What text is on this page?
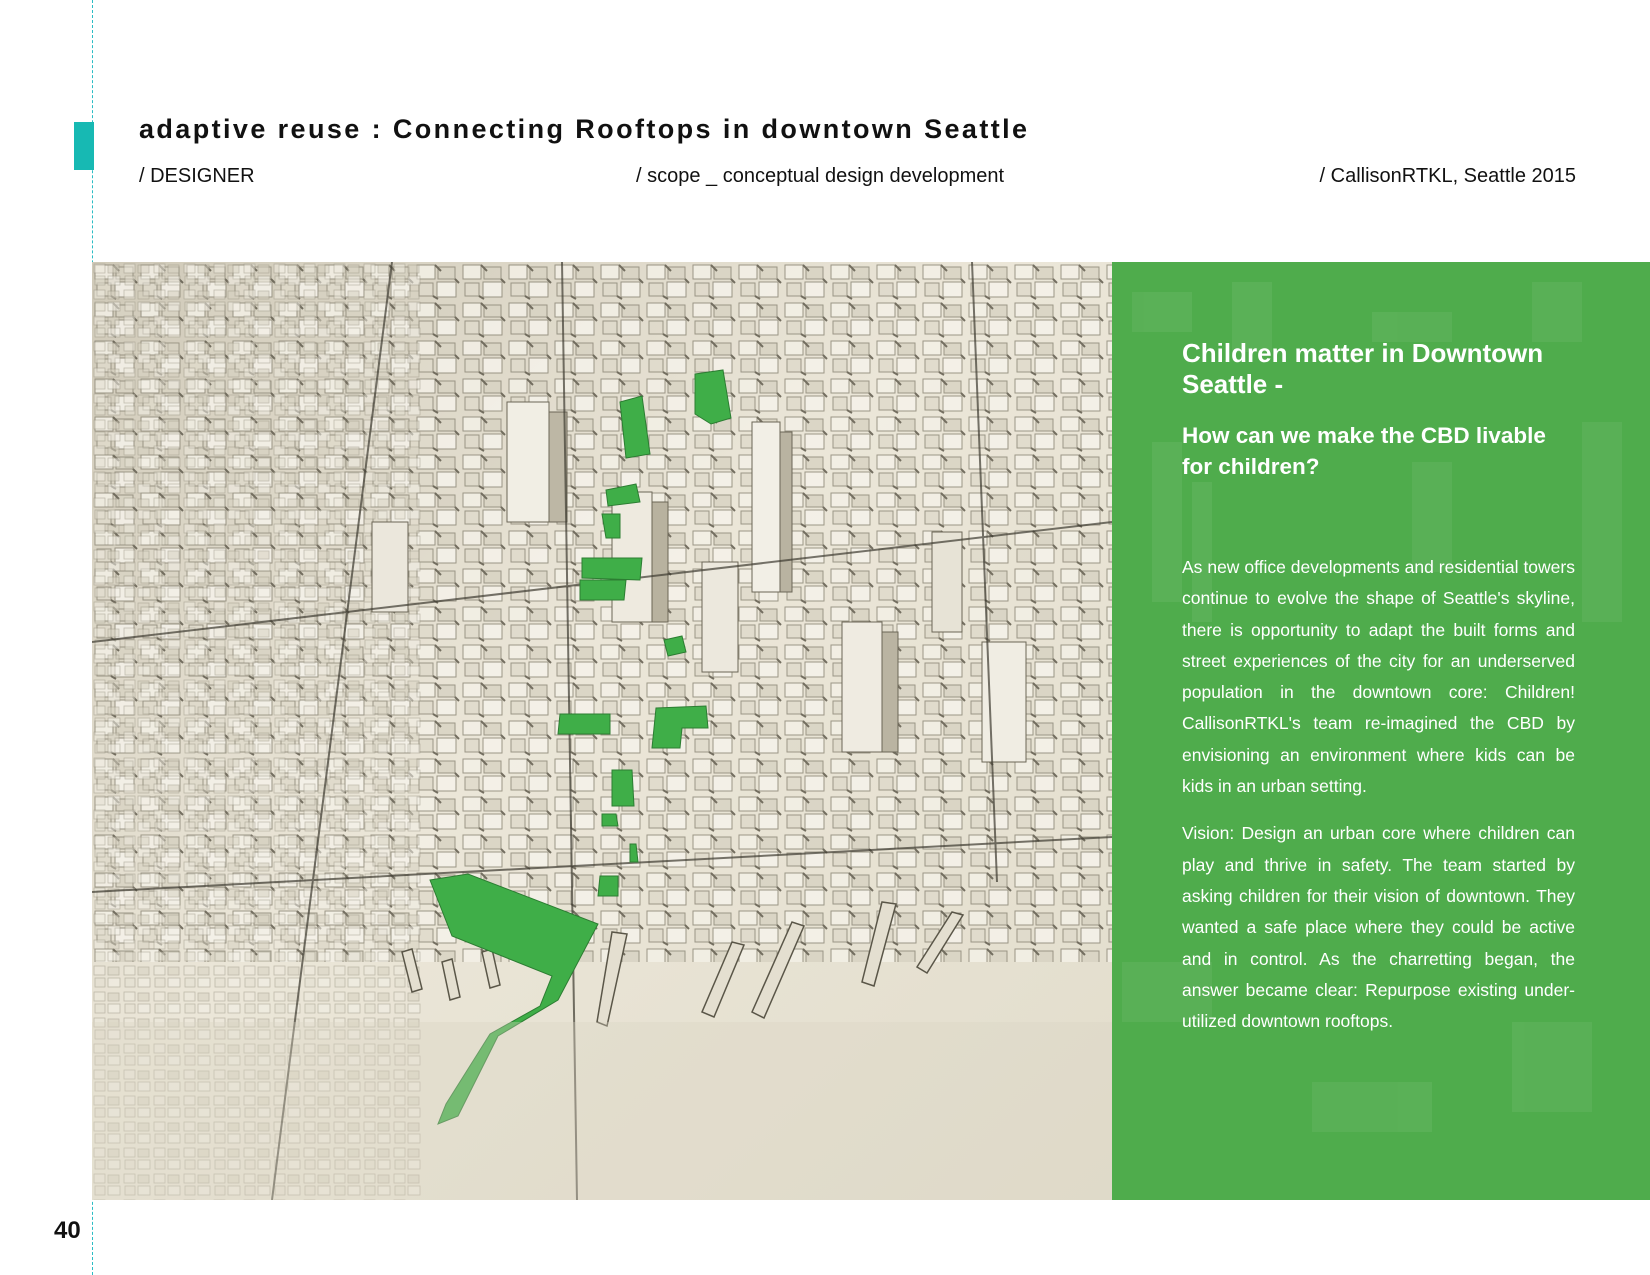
adaptive reuse : Connecting Rooftops in downtown Seattle
/ DESIGNER	/ scope _ conceptual design development	/ CallisonRTKL, Seattle 2015
Children matter in Downtown Seattle -
How can we make the CBD livable for children?

As new office developments and residential towers continue to evolve the shape of Seattle's skyline, there is opportunity to adapt the built forms and street experiences of the city for an underserved population in the downtown core: Children! CallisonRTKL's team re-imagined the CBD by envisioning an environment where kids can be kids in an urban setting.

Vision: Design an urban core where children can play and thrive in safety. The team started by asking children for their vision of downtown. They wanted a safe place where they could be active and in control. As the charretting began, the answer became clear: Repurpose existing under-utilized downtown rooftops.

40
